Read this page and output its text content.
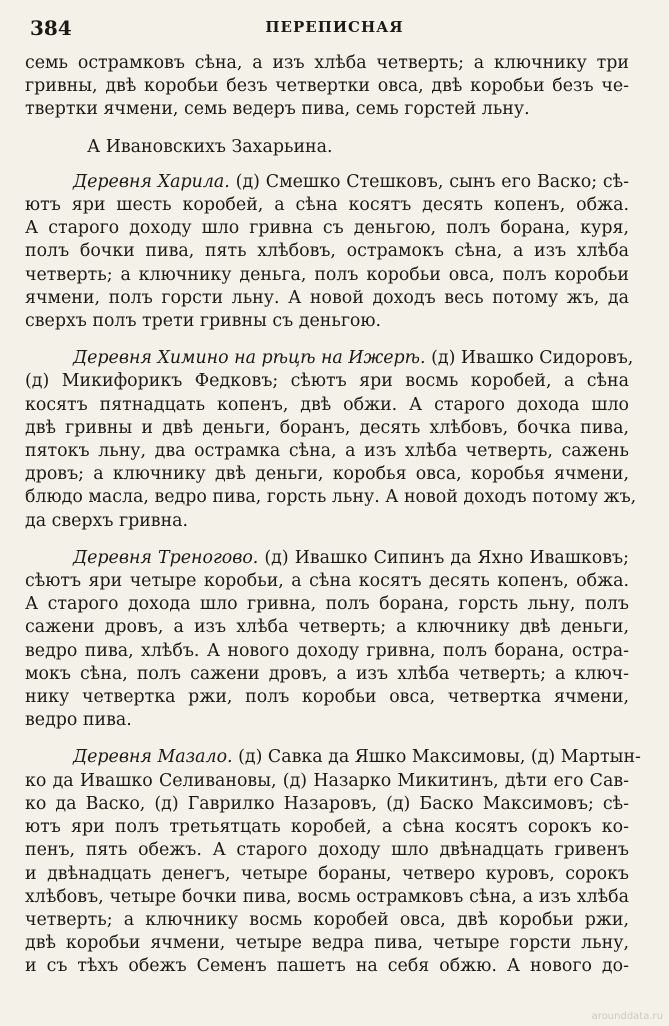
384	ПЕРЕПИСНАЯ
семь острамковъ сѣна, а изъ хлѣба четверть; а ключнику три
гривны, двѣ коробьи безъ четвертки овса, двѣ коробьи безъ че-
твертки ячмени, семь ведеръ пива, семь горстей льну.
А Ивановскихъ Захарьина.
Деревня Харила. (д) Смешко Стешковъ, сынъ его Васко; сѣ-
ютъ яри шесть коробей, а сѣна косятъ десять копенъ, обжа.
А старого доходу шло гривна съ деньгою, полъ борана, куря,
полъ бочки пива, пять хлѣбовъ, острамокъ сѣна, а изъ хлѣба
четверть; а ключнику деньга, полъ коробьи овса, полъ коробьи
ячмени, полъ горсти льну. А новой доходъ весь потому жъ, да
сверхъ полъ трети гривны съ деньгою.
Деревня Химино на рѣцѣ на Ижерѣ. (д) Ивашко Сидоровъ,
(д) Микифорикъ Федковъ; сѣютъ яри восмь коробей, а сѣна
косятъ пятнадцать копенъ, двѣ обжи. А старого дохода шло
двѣ гривны и двѣ деньги, боранъ, десять хлѣбовъ, бочка пива,
пятокъ льну, два острамка сѣна, а изъ хлѣба четверть, сажень
дровъ; а ключнику двѣ деньги, коробья овса, коробья ячмени,
блюдо масла, ведро пива, горсть льну. А новой доходъ потому жъ,
да сверхъ гривна.
Деревня Треногово. (д) Ивашко Сипинъ да Яхно Ивашковъ;
сѣютъ яри четыре коробьи, а сѣна косятъ десять копенъ, обжа.
А старого дохода шло гривна, полъ борана, горсть льну, полъ
сажени дровъ, а изъ хлѣба четверть; а ключнику двѣ деньги,
ведро пива, хлѣбъ. А нового доходу гривна, полъ борана, остра-
мокъ сѣна, полъ сажени дровъ, а изъ хлѣба четверть; а ключ-
нику четвертка ржи, полъ коробьи овса, четвертка ячмени,
ведро пива.
Деревня Мазало. (д) Савка да Яшко Максимовы, (д) Мартын-
ко да Ивашко Селивановы, (д) Назарко Микитинъ, дѣти его Сав-
ко да Васко, (д) Гаврилко Назаровъ, (д) Баско Максимовъ; сѣ-
ютъ яри полъ третьятцать коробей, а сѣна косятъ сорокъ ко-
пенъ, пять обежъ. А старого доходу шло двѣнадцать гривенъ
и двѣнадцать денегъ, четыре бораны, четверо куровъ, сорокъ
хлѣбовъ, четыре бочки пива, восмь острамковъ сѣна, а изъ хлѣба
четверть; а ключнику восмь коробей овса, двѣ коробьи ржи,
двѣ коробьи ячмени, четыре ведра пива, четыре горсти льну,
и съ тѣхъ обежъ Семенъ пашетъ на себя обжю. А нового до-
arounddata.ru
